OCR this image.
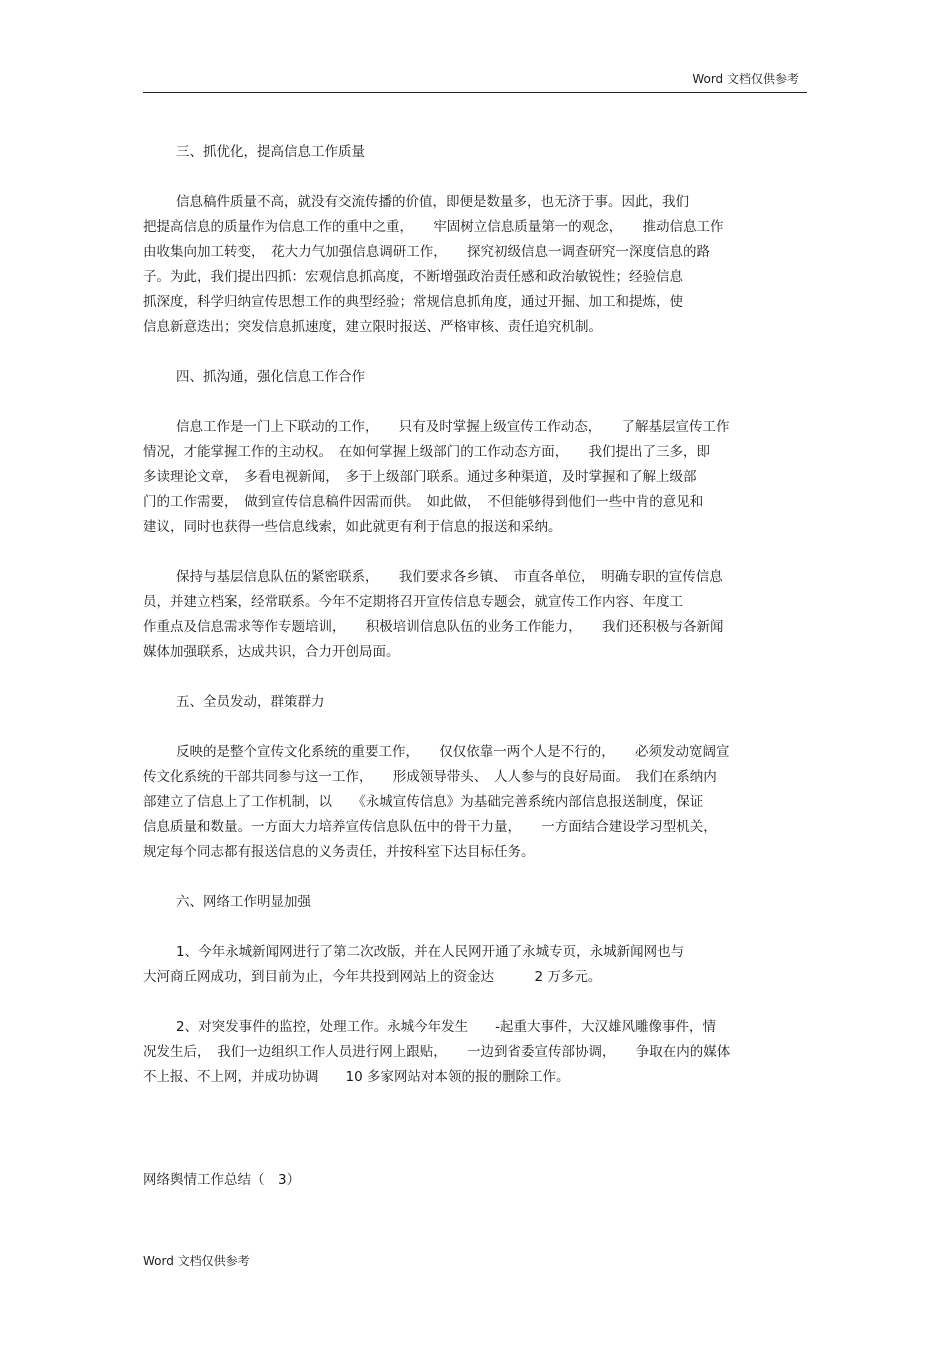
Word 文档仅供参考
三、抓优化，提高信息工作质量
信息稿件质量不高，就没有交流传播的价值，即便是数量多，也无济于事。因此，我们
把提高信息的质量作为信息工作的重中之重，　　牢固树立信息质量第一的观念，　　推动信息工作
由收集向加工转变，　花大力气加强信息调研工作，　　探究初级信息一调查研究一深度信息的路
子。为此，我们提出四抓：宏观信息抓高度，不断增强政治责任感和政治敏锐性；经验信息
抓深度，科学归纳宣传思想工作的典型经验；常规信息抓角度，通过开掘、加工和提炼，使
信息新意迭出；突发信息抓速度，建立限时报送、严格审核、责任追究机制。
四、抓沟通，强化信息工作合作
信息工作是一门上下联动的工作，　　只有及时掌握上级宣传工作动态，　　了解基层宣传工作
情况，才能掌握工作的主动权。　在如何掌握上级部门的工作动态方面，　　我们提出了三多，即
多读理论文章，　多看电视新闻，　多于上级部门联系。通过多种渠道，及时掌握和了解上级部
门的工作需要，　做到宣传信息稿件因需而供。　如此做，　不但能够得到他们一些中肯的意见和
建议，同时也获得一些信息线索，如此就更有利于信息的报送和采纳。
保持与基层信息队伍的紧密联系，　　我们要求各乡镇、　市直各单位，　明确专职的宣传信息
员，并建立档案，经常联系。今年不定期将召开宣传信息专题会，就宣传工作内容、年度工
作重点及信息需求等作专题培训，　　积极培训信息队伍的业务工作能力，　　我们还积极与各新闻
媒体加强联系，达成共识，合力开创局面。
五、全员发动，群策群力
反映的是整个宣传文化系统的重要工作，　　仅仅依靠一两个人是不行的，　　必须发动宽阔宣
传文化系统的干部共同参与这一工作，　　形成领导带头、　人人参与的良好局面。　我们在系纳内
部建立了信息上了工作机制，以　　《永城宣传信息》为基础完善系统内部信息报送制度，保证
信息质量和数量。一方面大力培养宣传信息队伍中的骨干力量，　　一方面结合建设学习型机关，
规定每个同志都有报送信息的义务责任，并按科室下达目标任务。
六、网络工作明显加强
1、今年永城新闻网进行了第二次改版，并在人民网开通了永城专页，永城新闻网也与
大河商丘网成功，到目前为止，今年共投到网站上的资金达　　　2 万多元。
2、对突发事件的监控，处理工作。永城今年发生　　-起重大事件，大汉雄风雕像事件，情
况发生后，　我们一边组织工作人员进行网上跟贴，　　一边到省委宣传部协调，　　争取在内的媒体
不上报、不上网，并成功协调　　10 多家网站对本领的报的删除工作。
网络舆情工作总结（　3）
Word 文档仅供参考
